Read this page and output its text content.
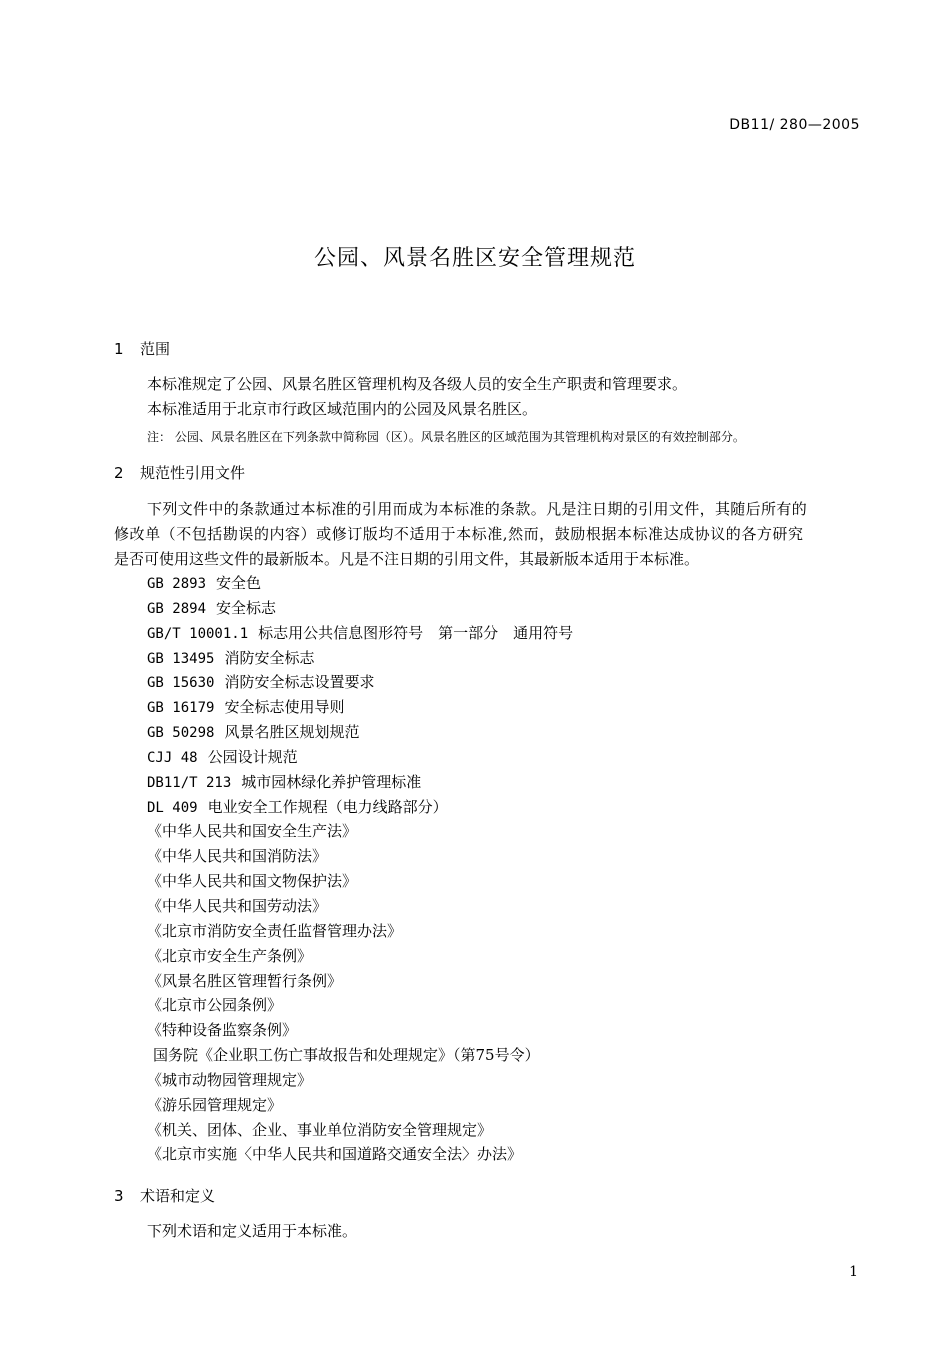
DB11/ 280—2005
公园、风景名胜区安全管理规范
1 范围
本标准规定了公园、风景名胜区管理机构及各级人员的安全生产职责和管理要求。
本标准适用于北京市行政区域范围内的公园及风景名胜区。
注： 公园、风景名胜区在下列条款中简称园（区）。风景名胜区的区域范围为其管理机构对景区的有效控制部分。
2 规范性引用文件
下列文件中的条款通过本标准的引用而成为本标准的条款。凡是注日期的引用文件，其随后所有的
修改单（不包括勘误的内容）或修订版均不适用于本标准,然而，鼓励根据本标准达成协议的各方研究
是否可使用这些文件的最新版本。凡是不注日期的引用文件，其最新版本适用于本标准。
GB 2893 安全色
GB 2894 安全标志
GB/T 10001.1 标志用公共信息图形符号　第一部分　通用符号
GB 13495 消防安全标志
GB 15630 消防安全标志设置要求
GB 16179 安全标志使用导则
GB 50298 风景名胜区规划规范
CJJ 48 公园设计规范
DB11/T 213 城市园林绿化养护管理标准
DL 409 电业安全工作规程（电力线路部分）
《中华人民共和国安全生产法》
《中华人民共和国消防法》
《中华人民共和国文物保护法》
《中华人民共和国劳动法》
《北京市消防安全责任监督管理办法》
《北京市安全生产条例》
《风景名胜区管理暂行条例》
《北京市公园条例》
《特种设备监察条例》
国务院《企业职工伤亡事故报告和处理规定》（第75号令）
《城市动物园管理规定》
《游乐园管理规定》
《机关、团体、企业、事业单位消防安全管理规定》
《北京市实施〈中华人民共和国道路交通安全法〉办法》
3 术语和定义
下列术语和定义适用于本标准。
1
